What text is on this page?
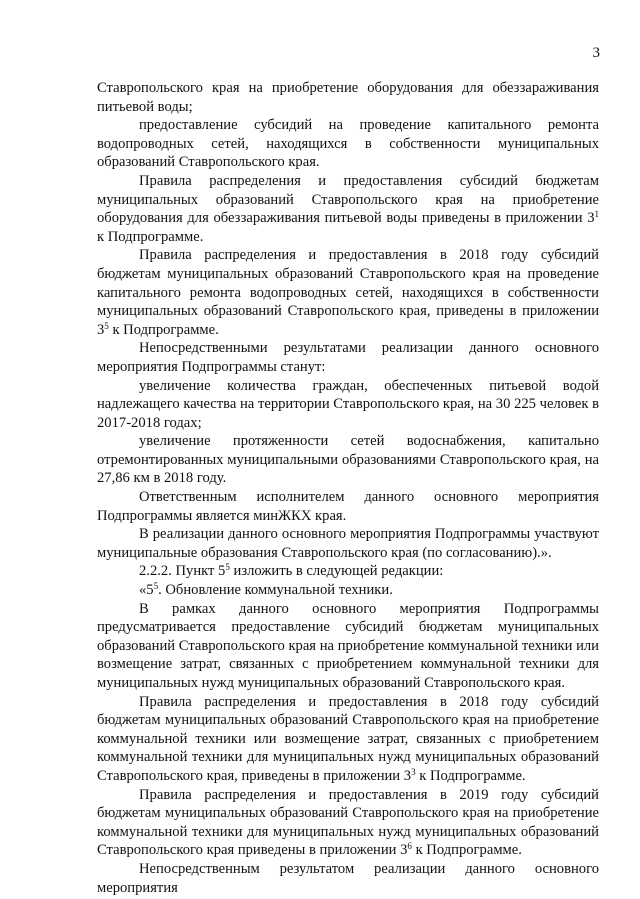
3

Ставропольского края на приобретение оборудования для обеззараживания питьевой воды;

предоставление субсидий на проведение капитального ремонта водопроводных сетей, находящихся в собственности муниципальных образований Ставропольского края.

Правила распределения и предоставления субсидий бюджетам муниципальных образований Ставропольского края на приобретение оборудования для обеззараживания питьевой воды приведены в приложении $3^1$ к Подпрограмме.

Правила распределения и предоставления в 2018 году субсидий бюджетам муниципальных образований Ставропольского края на проведение капитального ремонта водопроводных сетей, находящихся в собственности муниципальных образований Ставропольского края, приведены в приложении $3^5$ к Подпрограмме.

Непосредственными результатами реализации данного основного мероприятия Подпрограммы станут:

увеличение количества граждан, обеспеченных питьевой водой надлежащего качества на территории Ставропольского края, на 30 225 человек в 2017-2018 годах;

увеличение протяженности сетей водоснабжения, капитально отремонтированных муниципальными образованиями Ставропольского края, на 27,86 км в 2018 году.

Ответственным исполнителем данного основного мероприятия Подпрограммы является минЖКХ края.

В реализации данного основного мероприятия Подпрограммы участвуют муниципальные образования Ставропольского края (по согласованию).».

2.2.2. Пункт $5^5$ изложить в следующей редакции:

«$5^5$. Обновление коммунальной техники.

В рамках данного основного мероприятия Подпрограммы предусматривается предоставление субсидий бюджетам муниципальных образований Ставропольского края на приобретение коммунальной техники или возмещение затрат, связанных с приобретением коммунальной техники для муниципальных нужд муниципальных образований Ставропольского края.

Правила распределения и предоставления в 2018 году субсидий бюджетам муниципальных образований Ставропольского края на приобретение коммунальной техники или возмещение затрат, связанных с приобретением коммунальной техники для муниципальных нужд муниципальных образований Ставропольского края, приведены в приложении $3^3$ к Подпрограмме.

Правила распределения и предоставления в 2019 году субсидий бюджетам муниципальных образований Ставропольского края на приобретение коммунальной техники для муниципальных нужд муниципальных образований Ставропольского края приведены в приложении $3^6$ к Подпрограмме.

Непосредственным результатом реализации данного основного мероприятия
